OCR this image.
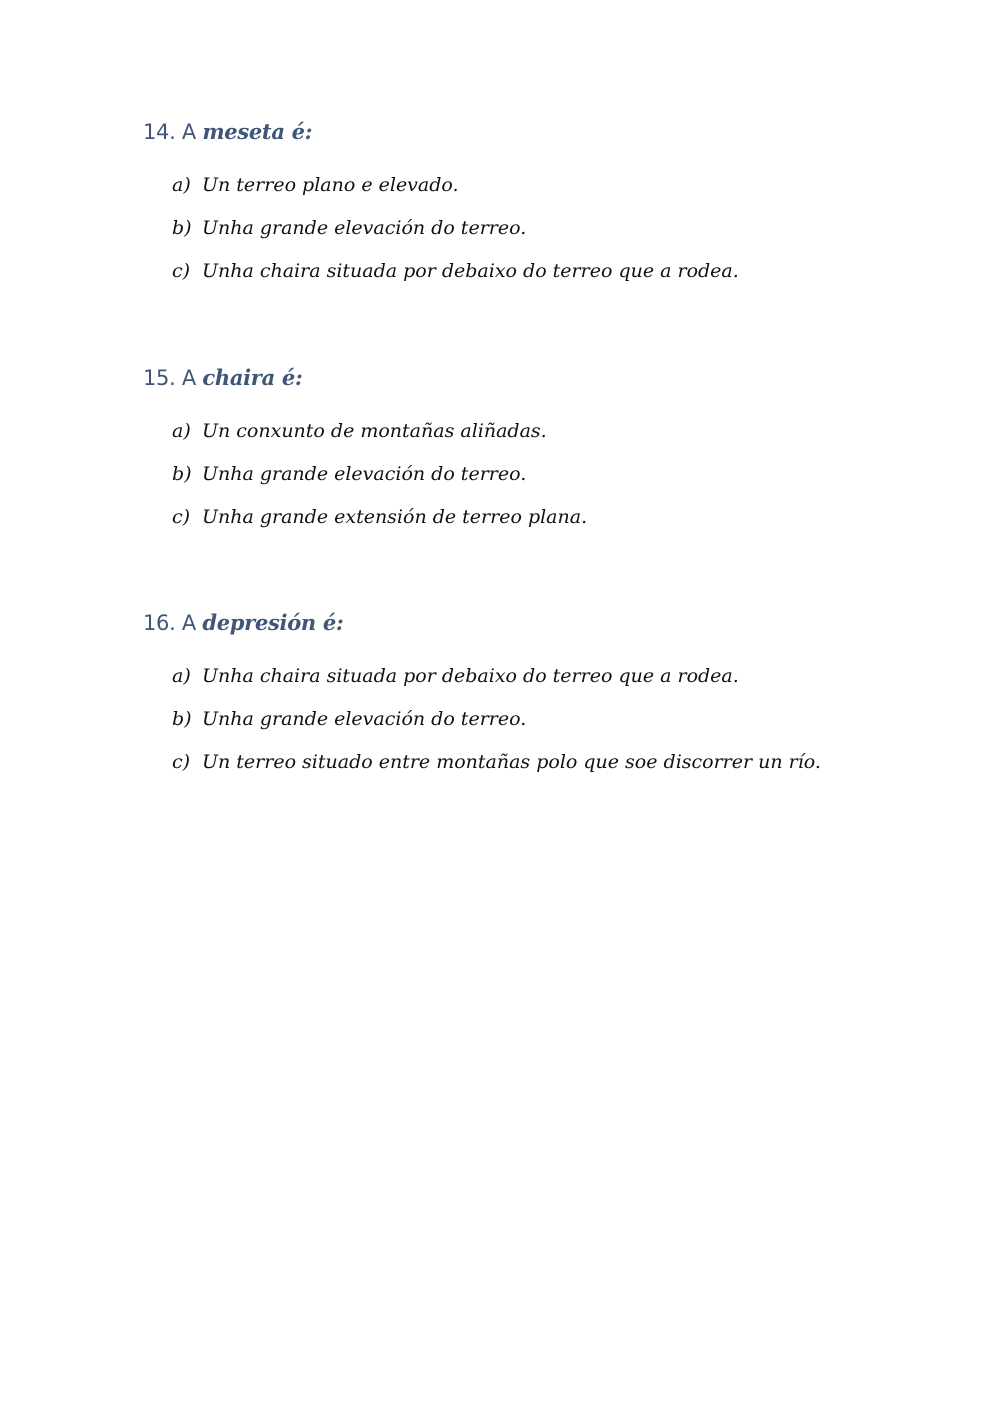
14. A meseta é:
a) Un terreo plano e elevado.
b) Unha grande elevación do terreo.
c) Unha chaira situada por debaixo do terreo que a rodea.
15. A chaira é:
a) Un conxunto de montañas aliñadas.
b) Unha grande elevación do terreo.
c) Unha grande extensión de terreo plana.
16. A depresión é:
a) Unha chaira situada por debaixo do terreo que a rodea.
b) Unha grande elevación do terreo.
c) Un terreo situado entre montañas polo que soe discorrer un río.
